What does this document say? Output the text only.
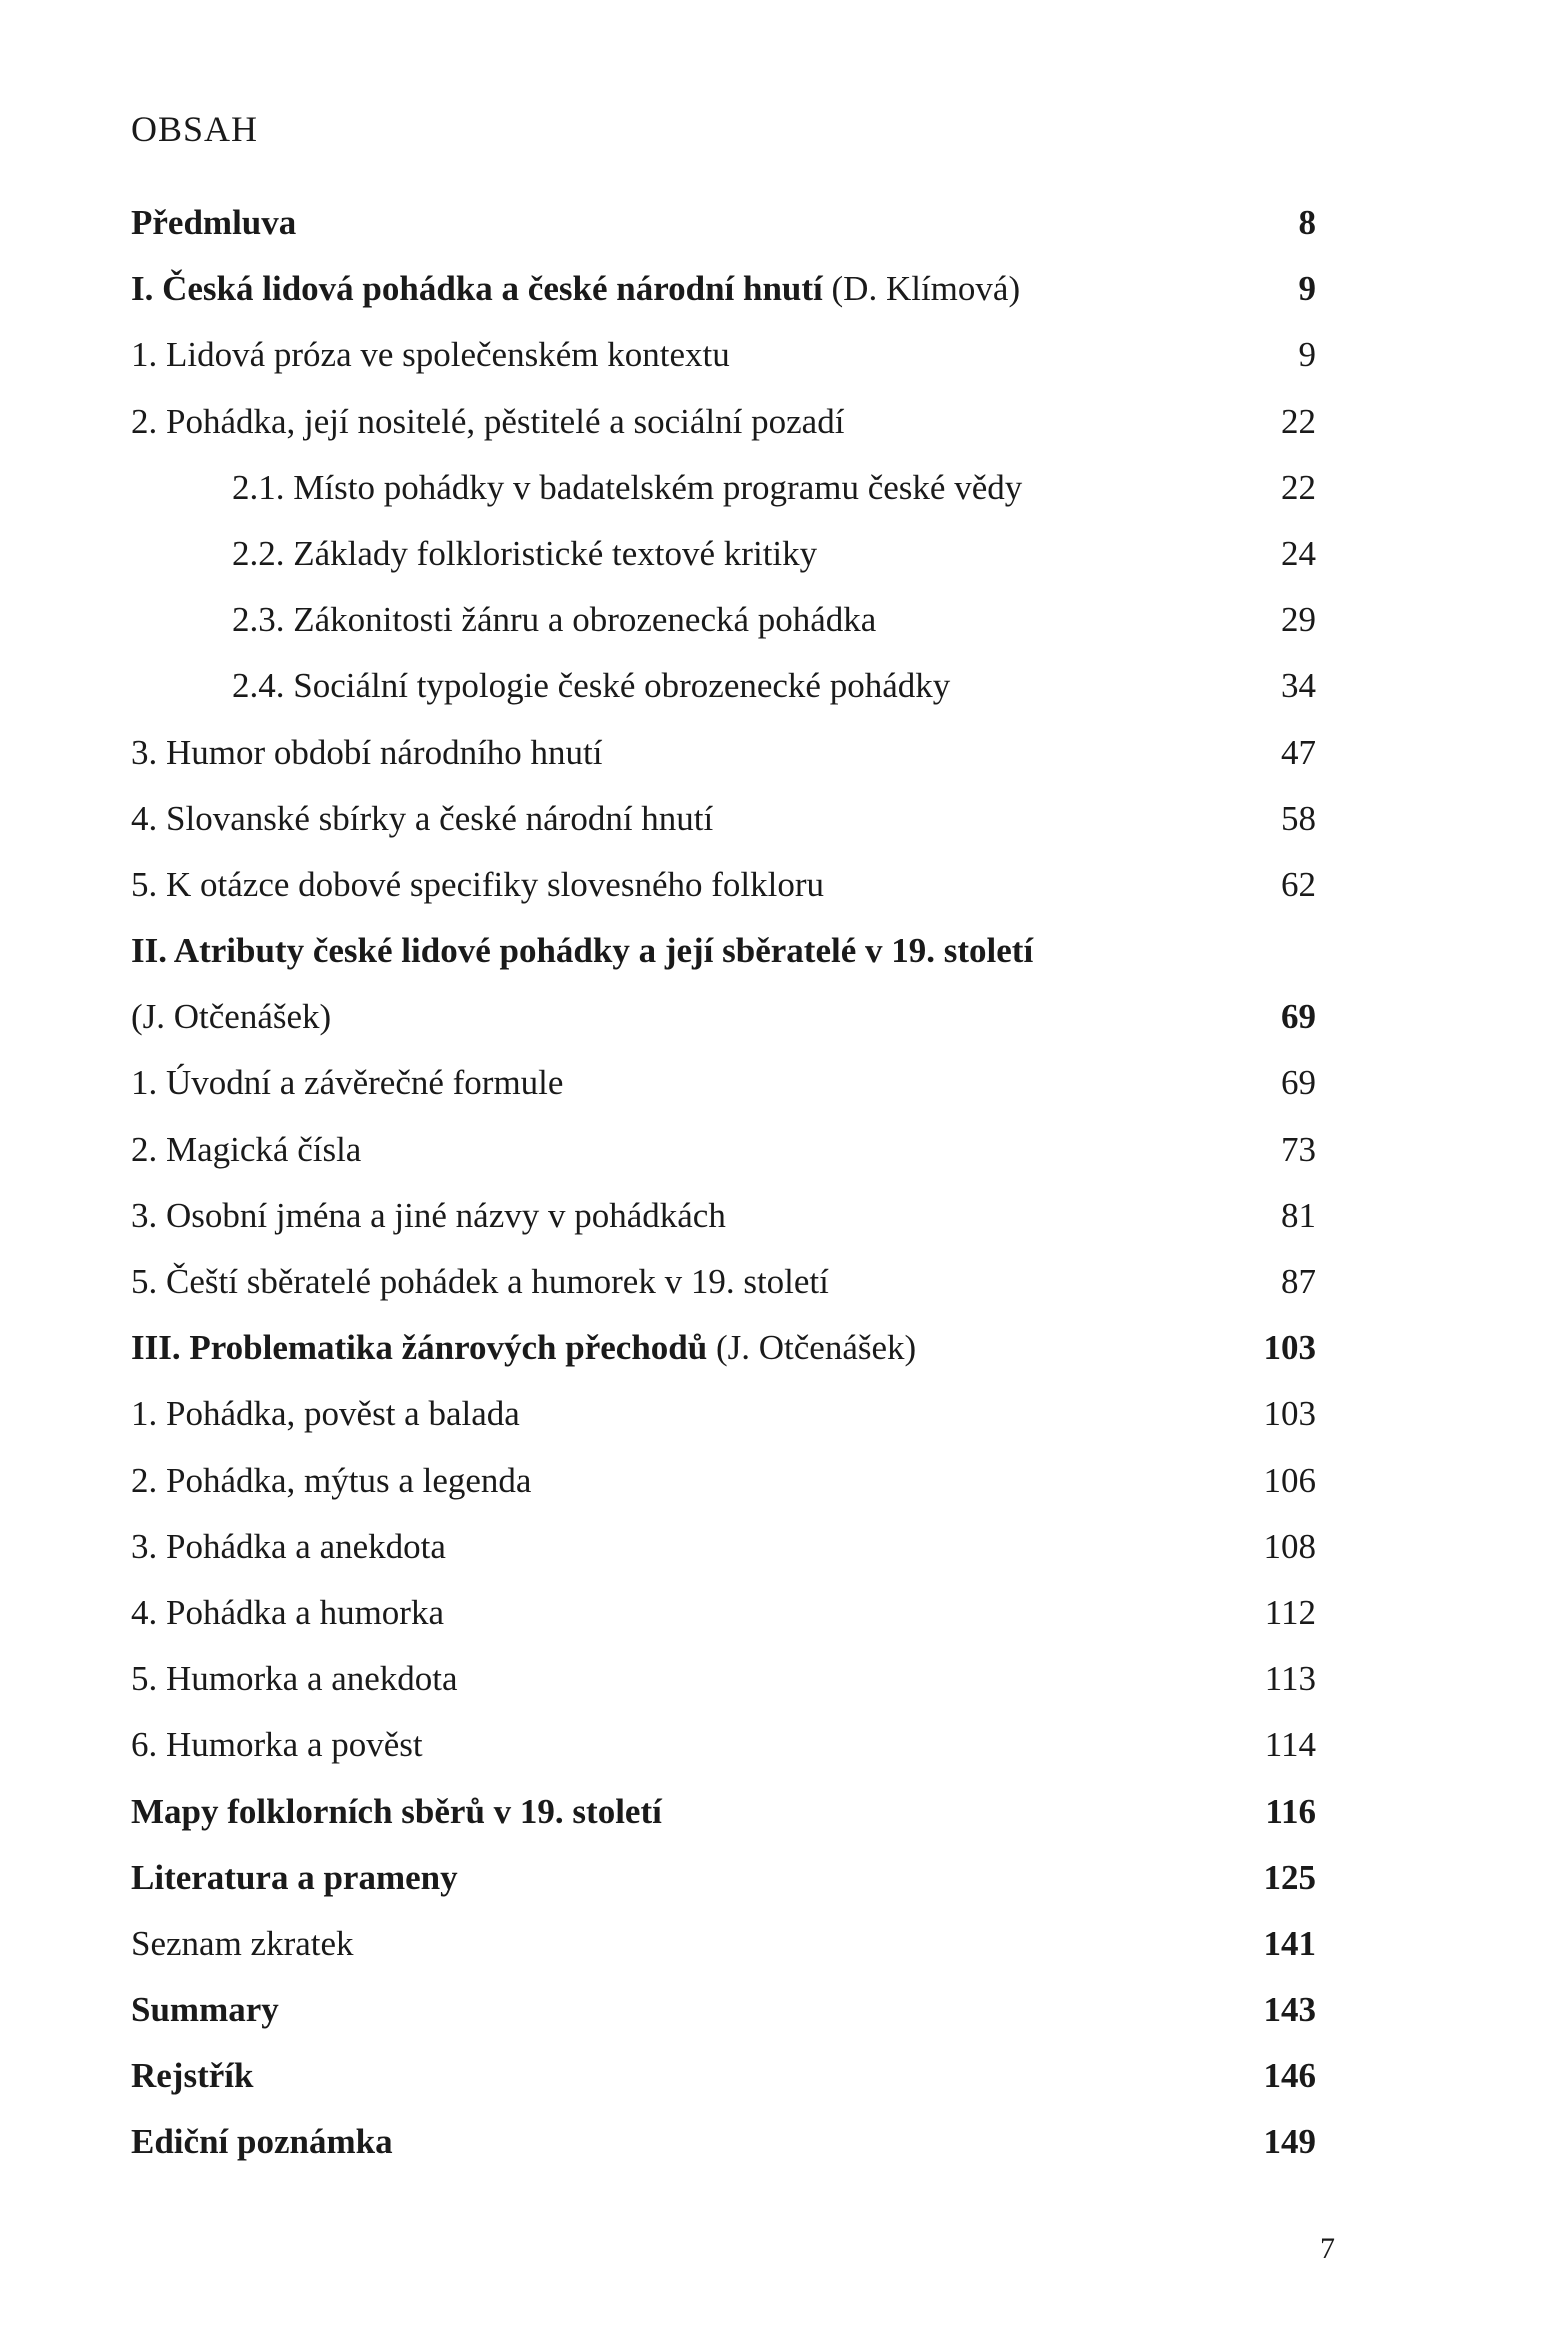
OBSAH
Předmluva	8
I. Česká lidová pohádka a české národní hnutí (D. Klímová)	9
1. Lidová próza ve společenském kontextu	9
2. Pohádka, její nositelé, pěstitelé a sociální pozadí	22
2.1. Místo pohádky v badatelském programu české vědy	22
2.2. Základy folkloristické textové kritiky	24
2.3. Zákonitosti žánru a obrozenecká pohádka	29
2.4. Sociální typologie české obrozenecké pohádky	34
3. Humor období národního hnutí	47
4. Slovanské sbírky a české národní hnutí	58
5. K otázce dobové specifiky slovesného folkloru	62
II. Atributy české lidové pohádky a její sběratelé v 19. století
(J. Otčenášek)	69
1. Úvodní a závěrečné formule	69
2. Magická čísla	73
3. Osobní jména a jiné názvy v pohádkách	81
5. Čeští sběratelé pohádek a humorek v 19. století	87
III. Problematika žánrových přechodů (J. Otčenášek)	103
1. Pohádka, pověst a balada	103
2. Pohádka, mýtus a legenda	106
3. Pohádka a anekdota	108
4. Pohádka a humorka	112
5. Humorka a anekdota	113
6. Humorka a pověst	114
Mapy folklorních sběrů v 19. století	116
Literatura a prameny	125
Seznam zkratek	141
Summary	143
Rejstřík	146
Ediční poznámka	149
7
